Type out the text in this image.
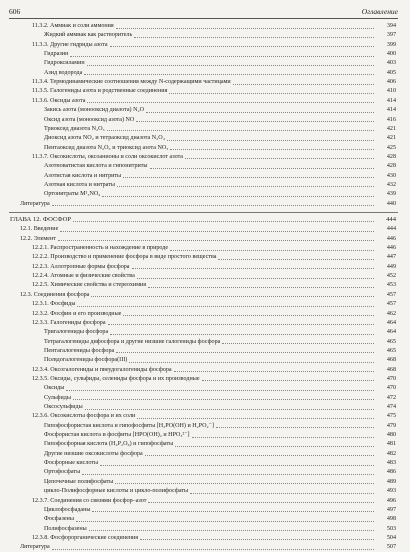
606	Оглавление
11.3.2. Аммиак и соли аммония	394
Жидкий аммиак как растворитель	397
11.3.3. Другие гидриды азота	399
Гидразин	400
Гидроксиламин	403
Азид водорода	405
11.3.4. Термодинамические соотношения между N-содержащими частицами	406
11.3.5. Галогениды азота и родственные соединения	410
11.3.6. Оксиды азота	414
Закись азота (монооксид диазота) N₂O	414
Оксид азота (монооксид азота) NO	416
Триоксид диазота N₂O₃	421
Диоксид азота NO₂ и тетраоксид диазота N₂O₄	421
Пентаоксид диазота N₂O₅ и триоксид азота NO₃	425
11.3.7. Оксокислоты, оксоанионы и соли оксокислот азота	428
Азотноватистая кислота и гипонитриты	428
Азотистая кислота и нитриты	430
Азотная кислота и нитраты	432
Ортонитраты M¹₃NO₄	439
Литература	440
ГЛАВА 12. ФОСФОР	444
12.1. Введение	444
12.2. Элемент	446
12.2.1. Распространенность и нахождение в природе	446
12.2.2. Производство и применение фосфора в виде простого вещества	447
12.2.3. Аллотропные формы фосфора	449
12.2.4. Атомные и физические свойства	452
12.2.5. Химические свойства и стереохимия	453
12.3. Соединения фосфора	457
12.3.1. Фосфиды	457
12.3.2. Фосфин и его производные	462
12.3.3. Галогениды фосфора	464
Тригалогениды фосфора	464
Тетрагалогениды дифосфора и другие низшие галогениды фосфора	465
Пентагалогениды фосфора	465
Псевдогалогениды фосфора(III)	468
12.3.4. Оксогалогениды и пвеудогалогениды фосфора	468
12.3.5. Оксиды, сульфиды, селениды фосфора и их производные	470
Оксиды	470
Сульфиды	472
Оксосульфиды	474
12.3.6. Оксокислоты фосфора и их соли	475
Гипофосфористая кислота и гипофосфиты [H₂PO(OH) и H₂PO₂⁻]	479
Фосфористая кислота и фосфиты [HPO(OH)₂ и HPO₃²⁻]	480
Гипофосфорная кислота (H₄P₂O₆) и гипофосфаты	481
Другие низшие оксокислоты фосфора	482
Фосфорные кислоты	483
Ортофосфаты	486
Цепочечные полифосфаты	489
цикло-Полифосфорные кислоты и цикло-полифосфаты	493
12.3.7. Соединения со связями фосфор–азот	496
Циклофосфаданы	497
Фосфазены	498
Полифосфазены	503
12.3.8. Фосфорорганические соединения	504
Литература	507
